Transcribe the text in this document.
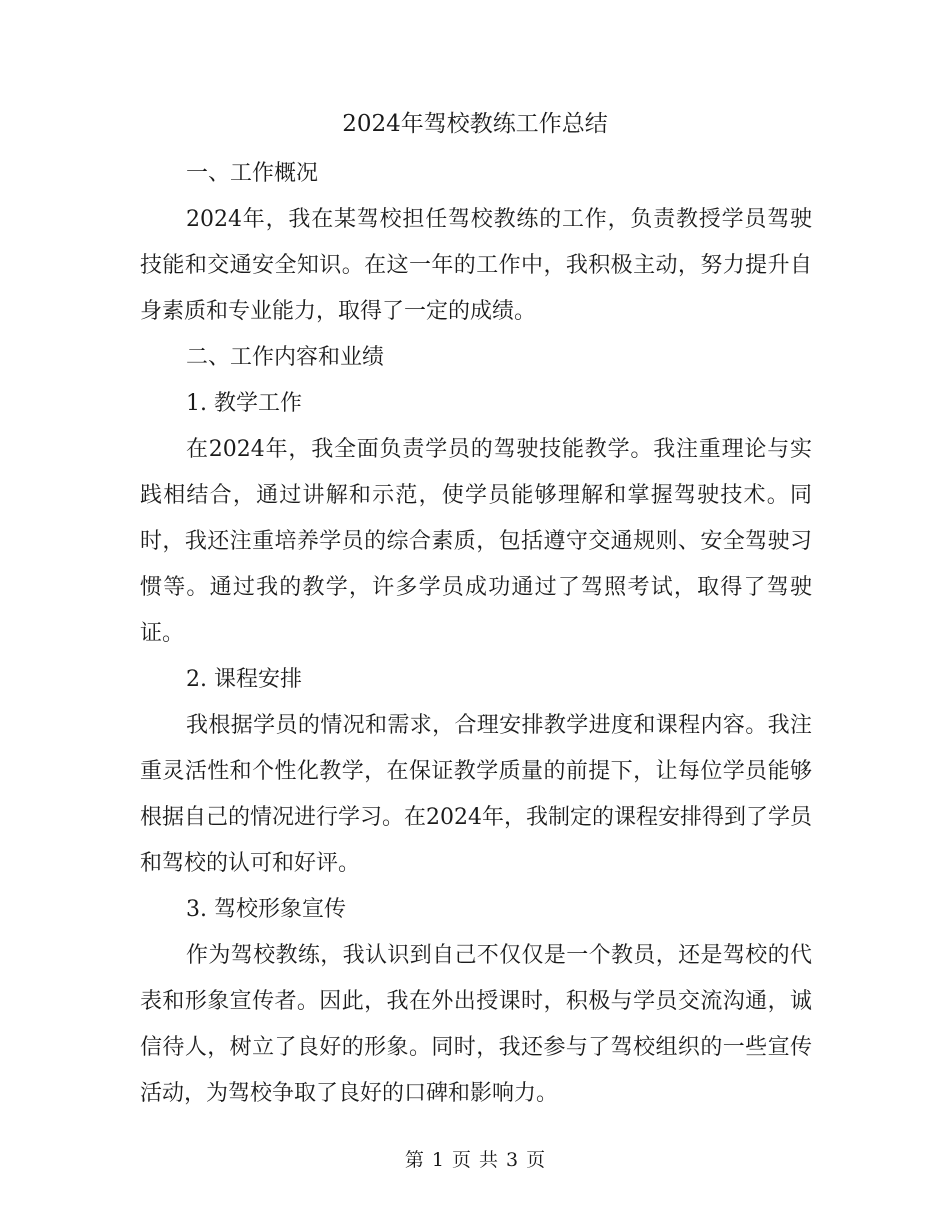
2024年驾校教练工作总结

一、工作概况

2024年，我在某驾校担任驾校教练的工作，负责教授学员驾驶技能和交通安全知识。在这一年的工作中，我积极主动，努力提升自身素质和专业能力，取得了一定的成绩。

二、工作内容和业绩

1. 教学工作

在2024年，我全面负责学员的驾驶技能教学。我注重理论与实践相结合，通过讲解和示范，使学员能够理解和掌握驾驶技术。同时，我还注重培养学员的综合素质，包括遵守交通规则、安全驾驶习惯等。通过我的教学，许多学员成功通过了驾照考试，取得了驾驶证。

2. 课程安排

我根据学员的情况和需求，合理安排教学进度和课程内容。我注重灵活性和个性化教学，在保证教学质量的前提下，让每位学员能够根据自己的情况进行学习。在2024年，我制定的课程安排得到了学员和驾校的认可和好评。

3. 驾校形象宣传

作为驾校教练，我认识到自己不仅仅是一个教员，还是驾校的代表和形象宣传者。因此，我在外出授课时，积极与学员交流沟通，诚信待人，树立了良好的形象。同时，我还参与了驾校组织的一些宣传活动，为驾校争取了良好的口碑和影响力。

第 1 页 共 3 页
